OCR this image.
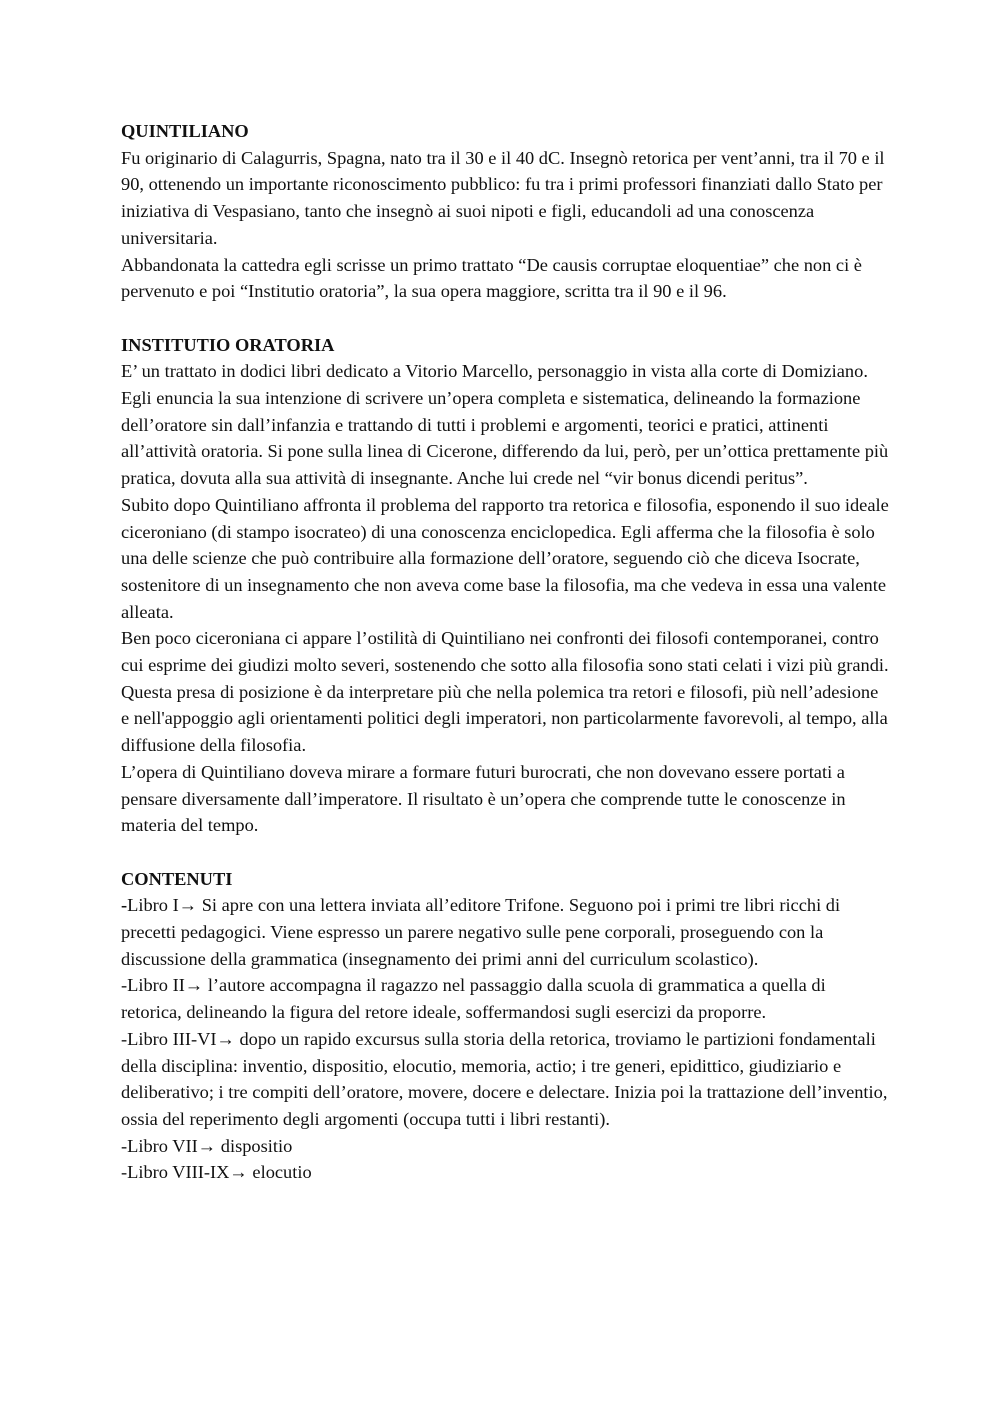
QUINTILIANO

Fu originario di Calagurris, Spagna, nato tra il 30 e il 40 dC. Insegnò retorica per vent’anni, tra il 70 e il 90, ottenendo un importante riconoscimento pubblico: fu tra i primi professori finanziati dallo Stato per iniziativa di Vespasiano, tanto che insegnò ai suoi nipoti e figli, educandoli ad una conoscenza universitaria.

Abbandonata la cattedra egli scrisse un primo trattato “De causis corruptae eloquentiae” che non ci è pervenuto e poi “Institutio oratoria”, la sua opera maggiore, scritta tra il 90 e il 96.

INSTITUTIO ORATORIA

E’ un trattato in dodici libri dedicato a Vitorio Marcello, personaggio in vista alla corte di Domiziano. Egli enuncia la sua intenzione di scrivere un’opera completa e sistematica, delineando la formazione dell’oratore sin dall’infanzia e trattando di tutti i problemi e argomenti, teorici e pratici, attinenti all’attività oratoria. Si pone sulla linea di Cicerone, differendo da lui, però, per un’ottica prettamente più pratica, dovuta alla sua attività di insegnante. Anche lui crede nel “vir bonus dicendi peritus”.

Subito dopo Quintiliano affronta il problema del rapporto tra retorica e filosofia, esponendo il suo ideale ciceroniano (di stampo isocrateo) di una conoscenza enciclopedica. Egli afferma che la filosofia è solo una delle scienze che può contribuire alla formazione dell’oratore, seguendo ciò che diceva Isocrate, sostenitore di un insegnamento che non aveva come base la filosofia, ma che vedeva in essa una valente alleata.

Ben poco ciceroniana ci appare l’ostilità di Quintiliano nei confronti dei filosofi contemporanei, contro cui esprime dei giudizi molto severi, sostenendo che sotto alla filosofia sono stati celati i vizi più grandi. Questa presa di posizione è da interpretare più che nella polemica tra retori e filosofi, più nell’adesione e nell'appoggio agli orientamenti politici degli imperatori, non particolarmente favorevoli, al tempo, alla diffusione della filosofia.

L’opera di Quintiliano doveva mirare a formare futuri burocrati, che non dovevano essere portati a pensare diversamente dall’imperatore. Il risultato è un’opera che comprende tutte le conoscenze in materia del tempo.

CONTENUTI

-Libro I→ Si apre con una lettera inviata all’editore Trifone. Seguono poi i primi tre libri ricchi di precetti pedagogici. Viene espresso un parere negativo sulle pene corporali, proseguendo con la discussione della grammatica (insegnamento dei primi anni del curriculum scolastico).

-Libro II→ l’autore accompagna il ragazzo nel passaggio dalla scuola di grammatica a quella di retorica, delineando la figura del retore ideale, soffermandosi sugli esercizi da proporre.

-Libro III-VI→ dopo un rapido excursus sulla storia della retorica, troviamo le partizioni fondamentali della disciplina: inventio, dispositio, elocutio, memoria, actio; i tre generi, epidittico, giudiziario e deliberativo; i tre compiti dell’oratore, movere, docere e delectare. Inizia poi la trattazione dell’inventio, ossia del reperimento degli argomenti (occupa tutti i libri restanti).

-Libro VII→ dispositio

-Libro VIII-IX→ elocutio
